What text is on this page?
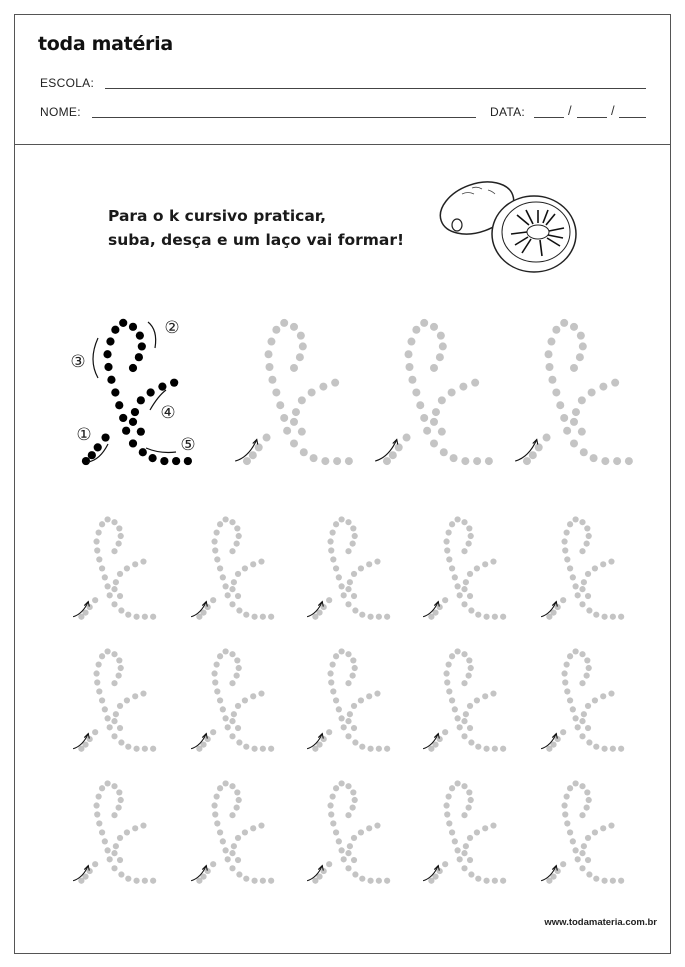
toda matéria
ESCOLA:
NOME:	DATA:	/	/
Para o k cursivo praticar,
suba, desça e um laço vai formar!
①
②
③
④
⑤
www.todamateria.com.br
